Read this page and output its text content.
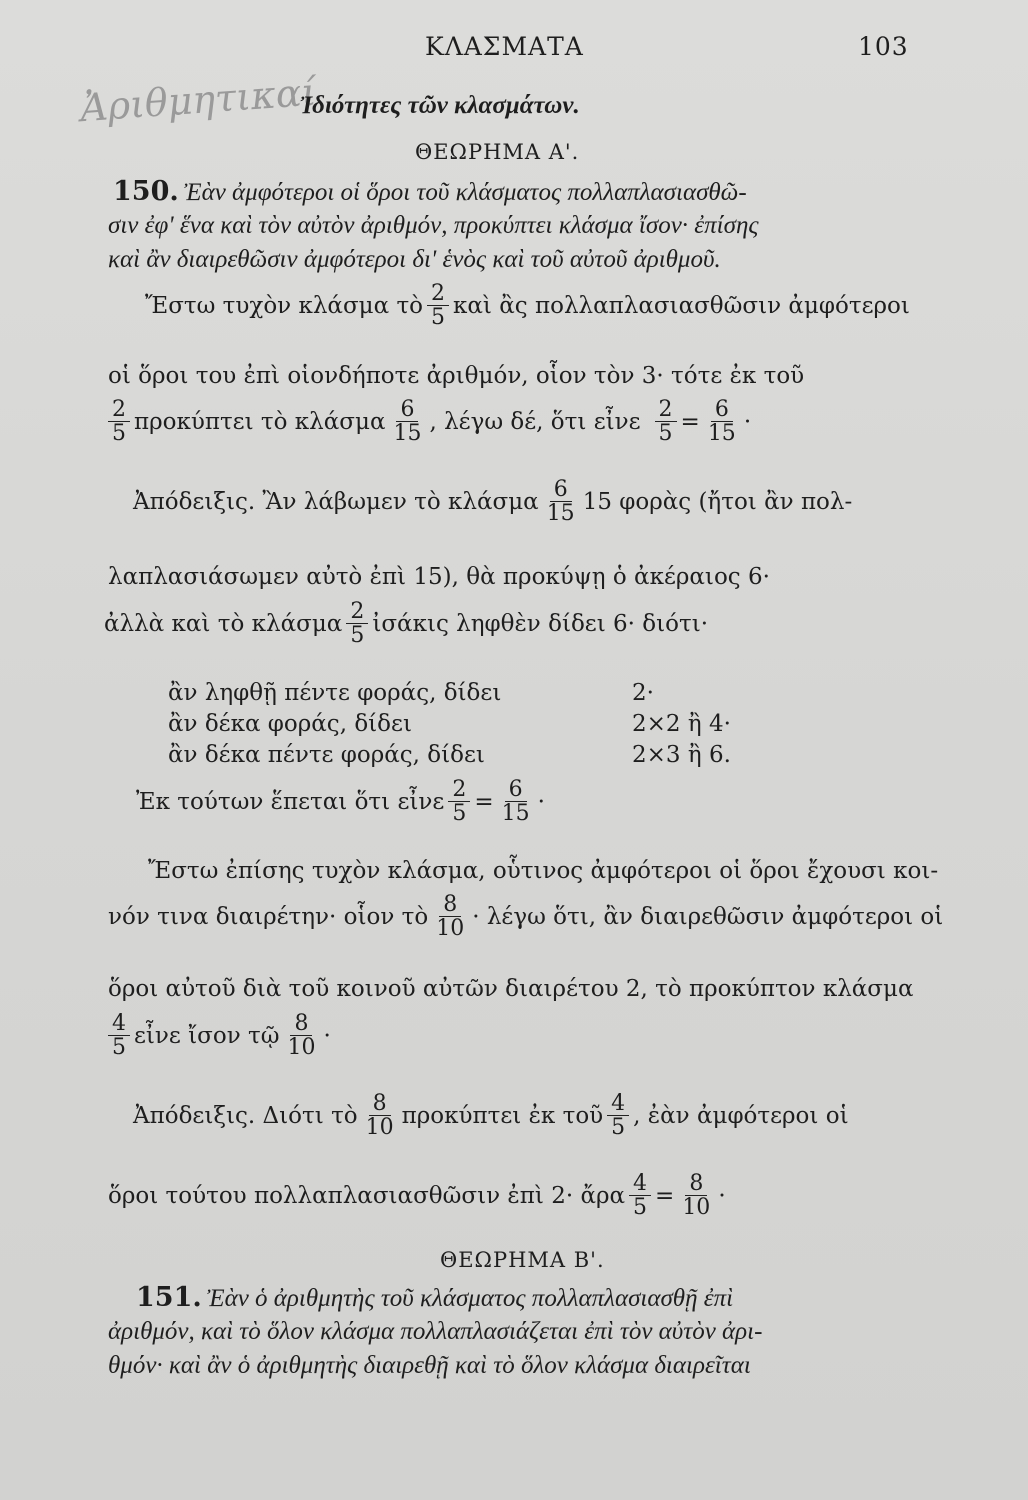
ΚΛΑΣΜΑΤΑ	103
Ἀριθμητικαί
Ἰδιότητες τῶν κλασμάτων.
ΘΕΩΡΗΜΑ Α'.
150. Ἐὰν ἀμφότεροι οἱ ὅροι τοῦ κλάσματος πολλαπλασιασθῶ-
σιν ἐφ' ἕνα καὶ τὸν αὐτὸν ἀριθμόν, προκύπτει κλάσμα ἴσον· ἐπίσης
καὶ ἂν διαιρεθῶσιν ἀμφότεροι δι' ἑνὸς καὶ τοῦ αὐτοῦ ἀριθμοῦ.
Ἔστω τυχὸν κλάσμα τὸ $\frac{2}{5}$ καὶ ἂς πολλαπλασιασθῶσιν ἀμφότεροι
οἱ ὅροι του ἐπὶ οἱονδήποτε ἀριθμόν, οἷον τὸν 3· τότε ἐκ τοῦ
$\frac{2}{5}$ προκύπτει τὸ κλάσμα $\frac{6}{15}$ , λέγω δέ, ὅτι εἶνε $\frac{2}{5} = \frac{6}{15}$ ·
Ἀπόδειξις. Ἂν λάβωμεν τὸ κλάσμα $\frac{6}{15} 15$ φορὰς (ἤτοι ἂν πολ-
λαπλασιάσωμεν αὐτὸ ἐπὶ 15), θὰ προκύψῃ ὁ ἀκέραιος 6·
ἀλλὰ καὶ τὸ κλάσμα $\frac{2}{5}$ ἰσάκις ληφθὲν δίδει 6· διότι·
ἂν ληφθῇ πέντε φοράς, δίδει	2·
ἂν δέκα φοράς, δίδει	2×2 ἢ 4·
ἂν δέκα πέντε φοράς, δίδει	2×3 ἢ 6.
Ἐκ τούτων ἕπεται ὅτι εἶνε $\frac{2}{5} = \frac{6}{15}$ ·
Ἔστω ἐπίσης τυχὸν κλάσμα, οὗτινος ἀμφότεροι οἱ ὅροι ἔχουσι κοι-
νόν τινα διαιρέτην· οἷον τὸ $\frac{8}{10} \cdot \lambda έ\gamma\omega$ ὅτι, ἂν διαιρεθῶσιν ἀμφότεροι οἱ
ὅροι αὐτοῦ διὰ τοῦ κοινοῦ αὐτῶν διαιρέτου 2, τὸ προκύπτον κλάσμα
$\frac{4}{5}$ εἶνε ἴσον τῷ $\frac{8}{10}$ ·
Ἀπόδειξις. Διότι τὸ $\frac{8}{10}$ προκύπτει ἐκ τοῦ $\frac{4}{5}$ , ἐὰν ἀμφότεροι οἱ
ὅροι τούτου πολλαπλασιασθῶσιν ἐπὶ 2· ἄρα $\frac{4}{5} = \frac{8}{10}$ ·
ΘΕΩΡΗΜΑ Β'.
151. Ἐὰν ὁ ἀριθμητὴς τοῦ κλάσματος πολλαπλασιασθῇ ἐπὶ
ἀριθμόν, καὶ τὸ ὅλον κλάσμα πολλαπλασιάζεται ἐπὶ τὸν αὐτὸν ἀρι-
θμόν· καὶ ἂν ὁ ἀριθμητὴς διαιρεθῇ καὶ τὸ ὅλον κλάσμα διαιρεῖται
